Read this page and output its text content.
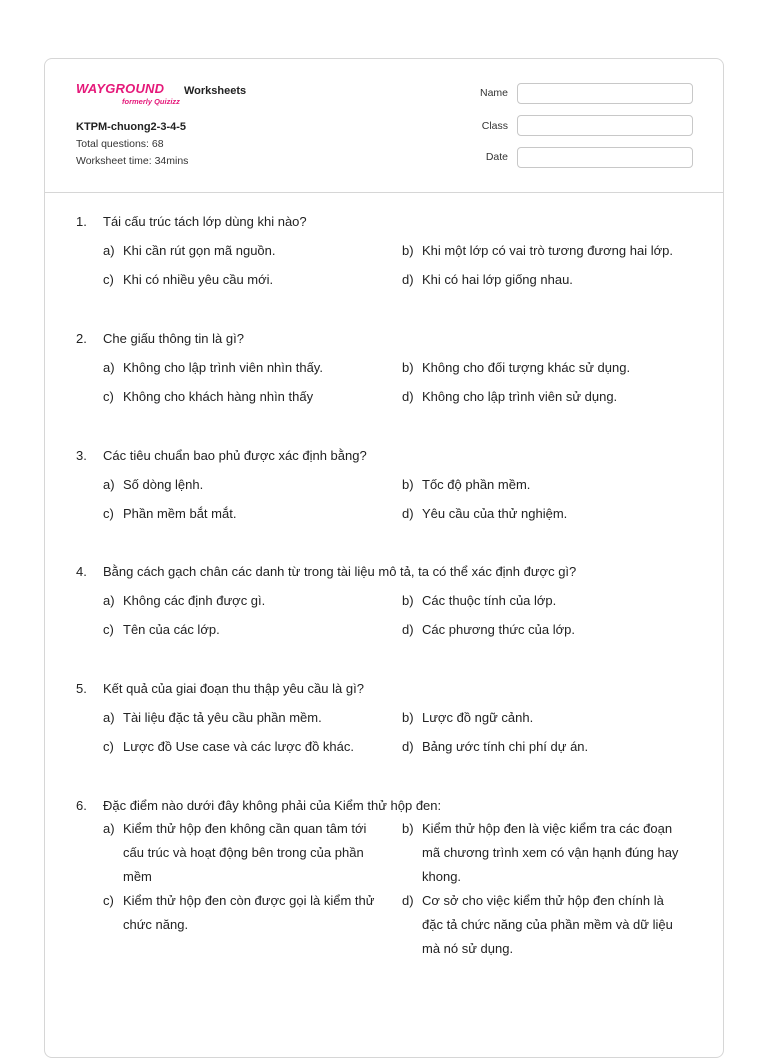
WAYGROUND
formerly Quizizz
Worksheets
KTPM-chuong2-3-4-5
Total questions: 68
Worksheet time: 34mins
Name
Class
Date
1. Tái cấu trúc tách lớp dùng khi nào?
a) Khi cần rút gọn mã nguồn.	b) Khi một lớp có vai trò tương đương hai lớp.
c) Khi có nhiều yêu cầu mới.	d) Khi có hai lớp giống nhau.
2. Che giấu thông tin là gì?
a) Không cho lập trình viên nhìn thấy.	b) Không cho đối tượng khác sử dụng.
c) Không cho khách hàng nhìn thấy	d) Không cho lập trình viên sử dụng.
3. Các tiêu chuẩn bao phủ được xác định bằng?
a) Số dòng lệnh.	b) Tốc độ phần mềm.
c) Phần mềm bắt mắt.	d) Yêu cầu của thử nghiệm.
4. Bằng cách gạch chân các danh từ trong tài liệu mô tả, ta có thể xác định được gì?
a) Không các định được gì.	b) Các thuộc tính của lớp.
c) Tên của các lớp.	d) Các phương thức của lớp.
5. Kết quả của giai đoạn thu thập yêu cầu là gì?
a) Tài liệu đặc tả yêu cầu phần mềm.	b) Lược đồ ngữ cảnh.
c) Lược đồ Use case và các lược đồ khác.	d) Bảng ước tính chi phí dự án.
6. Đặc điểm nào dưới đây không phải của Kiểm thử hộp đen:
a) Kiểm thử hộp đen không cần quan tâm tới
cấu trúc và hoạt động bên trong của phần
mềm
b) Kiểm thử hộp đen là việc kiểm tra các đoạn
mã chương trình xem có vận hạnh đúng hay
khong.
c) Kiểm thử hộp đen còn được gọi là kiểm thử
chức năng.
d) Cơ sở cho việc kiểm thử hộp đen chính là
đặc tả chức năng của phần mềm và dữ liệu
mà nó sử dụng.
